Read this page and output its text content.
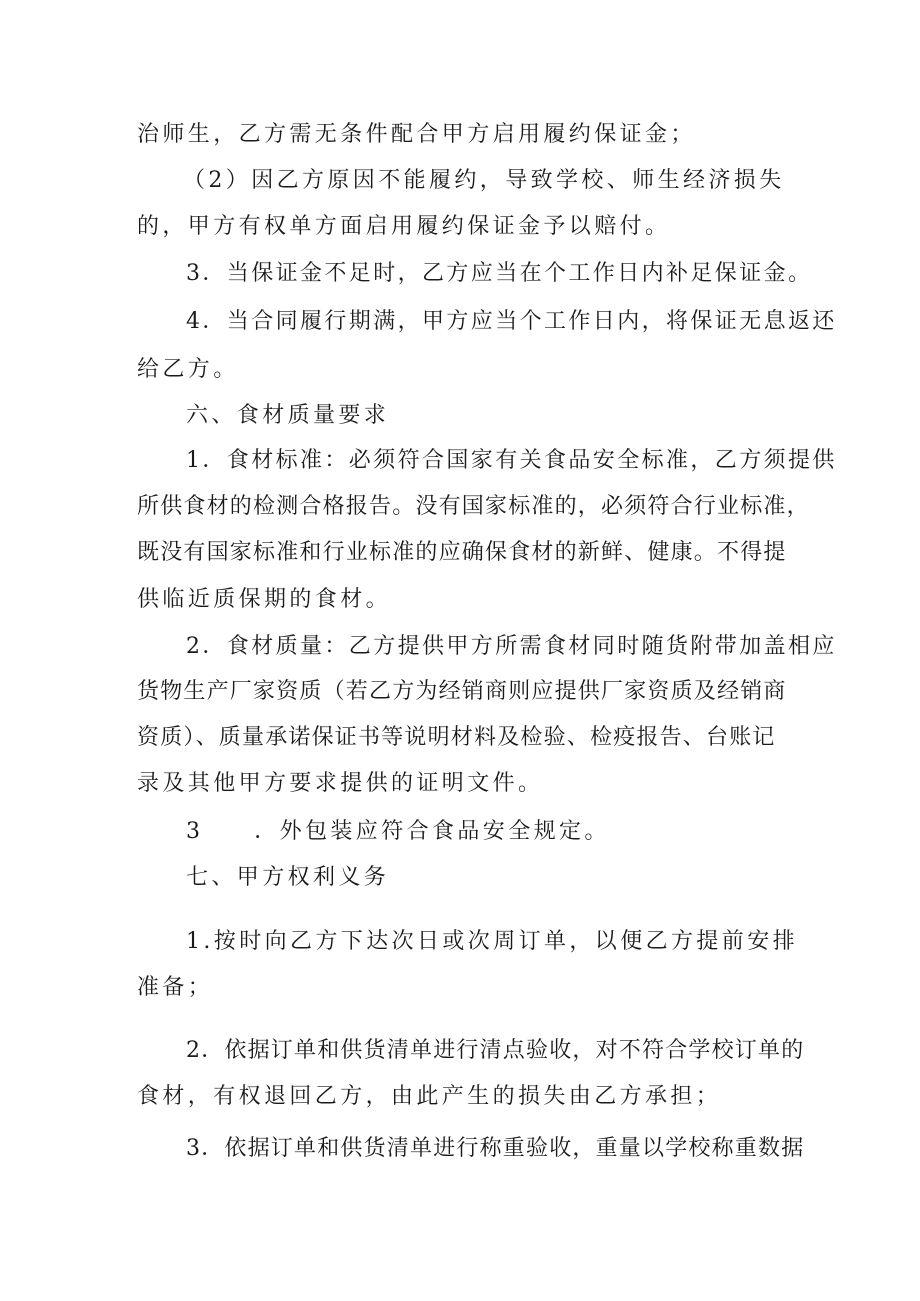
治师生，乙方需无条件配合甲方启用履约保证金；
（2）因乙方原因不能履约，导致学校、师生经济损失
的，甲方有权单方面启用履约保证金予以赔付。
3．当保证金不足时，乙方应当在个工作日内补足保证金。
4．当合同履行期满，甲方应当个工作日内，将保证无息返还
给乙方。
六、食材质量要求
1．食材标准：必须符合国家有关食品安全标准，乙方须提供
所供食材的检测合格报告。没有国家标准的，必须符合行业标准，
既没有国家标准和行业标准的应确保食材的新鲜、健康。不得提
供临近质保期的食材。
2．食材质量：乙方提供甲方所需食材同时随货附带加盖相应
货物生产厂家资质（若乙方为经销商则应提供厂家资质及经销商
资质）、质量承诺保证书等说明材料及检验、检疫报告、台账记
录及其他甲方要求提供的证明文件。
3　　．外包装应符合食品安全规定。
七、甲方权利义务
1.按时向乙方下达次日或次周订单，以便乙方提前安排
准备；
2．依据订单和供货清单进行清点验收，对不符合学校订单的
食材，有权退回乙方，由此产生的损失由乙方承担；
3．依据订单和供货清单进行称重验收，重量以学校称重数据
